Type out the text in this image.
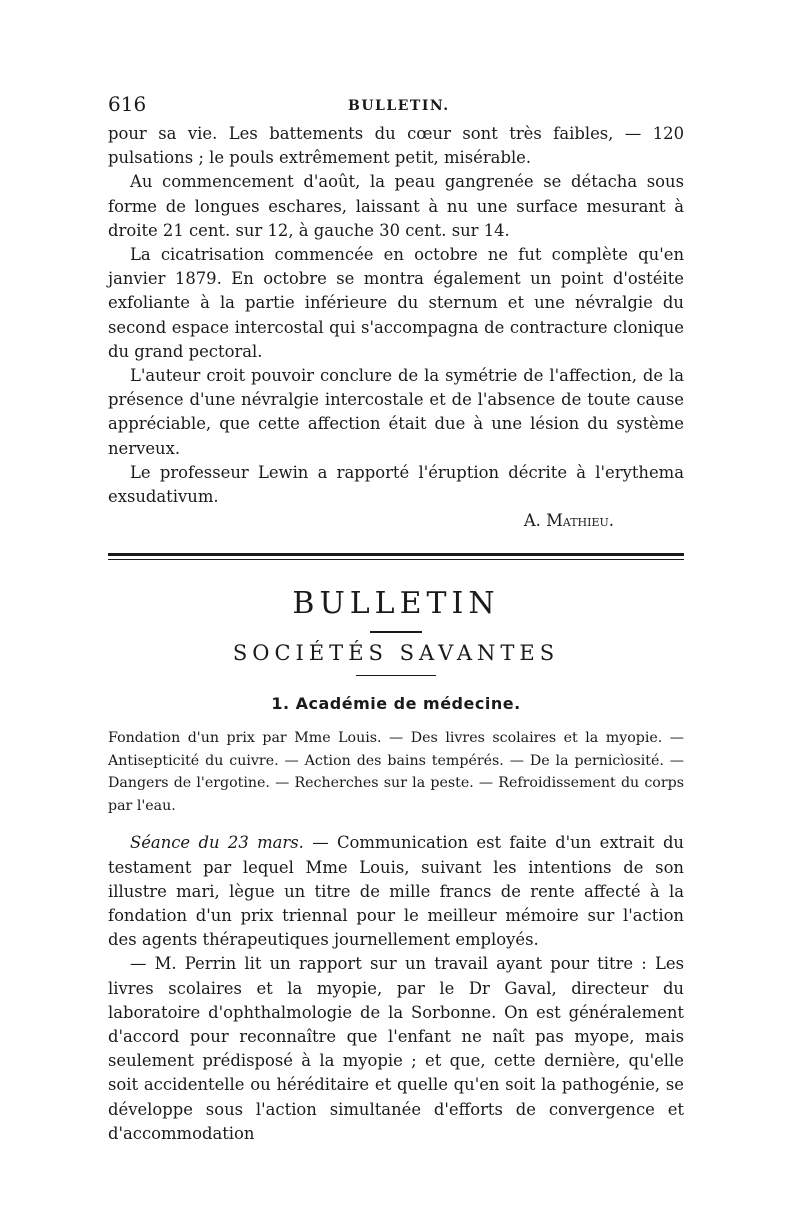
616	BULLETIN.

pour sa vie. Les battements du cœur sont très faibles, — 120 pulsations ; le pouls extrêmement petit, misérable.

Au commencement d'août, la peau gangrenée se détacha sous forme de longues eschares, laissant à nu une surface mesurant à droite 21 cent. sur 12, à gauche 30 cent. sur 14.

La cicatrisation commencée en octobre ne fut complète qu'en janvier 1879. En octobre se montra également un point d'ostéite exfoliante à la partie inférieure du sternum et une névralgie du second espace intercostal qui s'accompagna de contracture clonique du grand pectoral.

L'auteur croit pouvoir conclure de la symétrie de l'affection, de la présence d'une névralgie intercostale et de l'absence de toute cause appréciable, que cette affection était due à une lésion du système nerveux.

Le professeur Lewin a rapporté l'éruption décrite à l'erythema exsudativum.

A. Mathieu.
BULLETIN
SOCIÉTÉS SAVANTES
1. Académie de médecine.

Fondation d'un prix par Mme Louis. — Des livres scolaires et la myopie. — Antisepticité du cuivre. — Action des bains tempérés. — De la pernicìosité. — Dangers de l'ergotine. — Recherches sur la peste. — Refroidissement du corps par l'eau.

Séance du 23 mars. — Communication est faite d'un extrait du testament par lequel Mme Louis, suivant les intentions de son illustre mari, lègue un titre de mille francs de rente affecté à la fondation d'un prix triennal pour le meilleur mémoire sur l'action des agents thérapeutiques journellement employés.

— M. Perrin lit un rapport sur un travail ayant pour titre : Les livres scolaires et la myopie, par le Dr Gaval, directeur du laboratoire d'ophthalmologie de la Sorbonne. On est généralement d'accord pour reconnaître que l'enfant ne naît pas myope, mais seulement prédisposé à la myopie ; et que, cette dernière, qu'elle soit accidentelle ou héréditaire et quelle qu'en soit la pathogénie, se développe sous l'action simultanée d'efforts de convergence et d'accommodation
